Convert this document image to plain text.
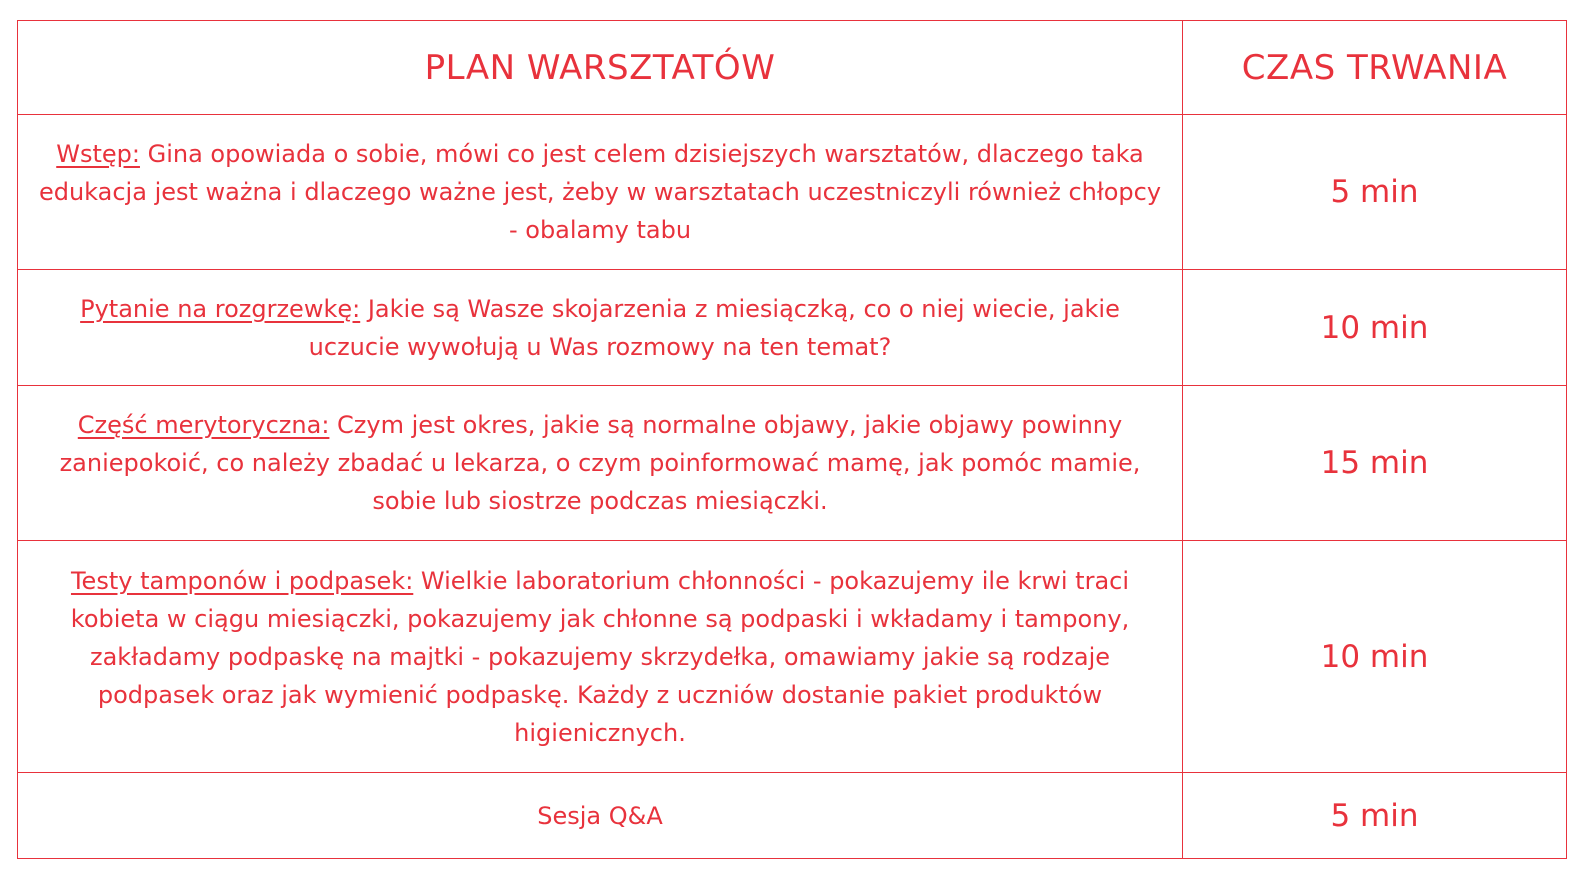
PLAN WARSZTATÓW	CZAS TRWANIA
Wstęp: Gina opowiada o sobie, mówi co jest celem dzisiejszych warsztatów, dlaczego taka edukacja jest ważna i dlaczego ważne jest, żeby w warsztatach uczestniczyli również chłopcy - obalamy tabu	5 min
Pytanie na rozgrzewkę: Jakie są Wasze skojarzenia z miesiączką, co o niej wiecie, jakie uczucie wywołują u Was rozmowy na ten temat?	10 min
Część merytoryczna: Czym jest okres, jakie są normalne objawy, jakie objawy powinny zaniepokoić, co należy zbadać u lekarza, o czym poinformować mamę, jak pomóc mamie, sobie lub siostrze podczas miesiączki.	15 min
Testy tamponów i podpasek: Wielkie laboratorium chłonności - pokazujemy ile krwi traci kobieta w ciągu miesiączki, pokazujemy jak chłonne są podpaski i wkładamy i tampony, zakładamy podpaskę na majtki - pokazujemy skrzydełka, omawiamy jakie są rodzaje podpasek oraz jak wymienić podpaskę. Każdy z uczniów dostanie pakiet produktów higienicznych.	10 min
Sesja Q&A	5 min
